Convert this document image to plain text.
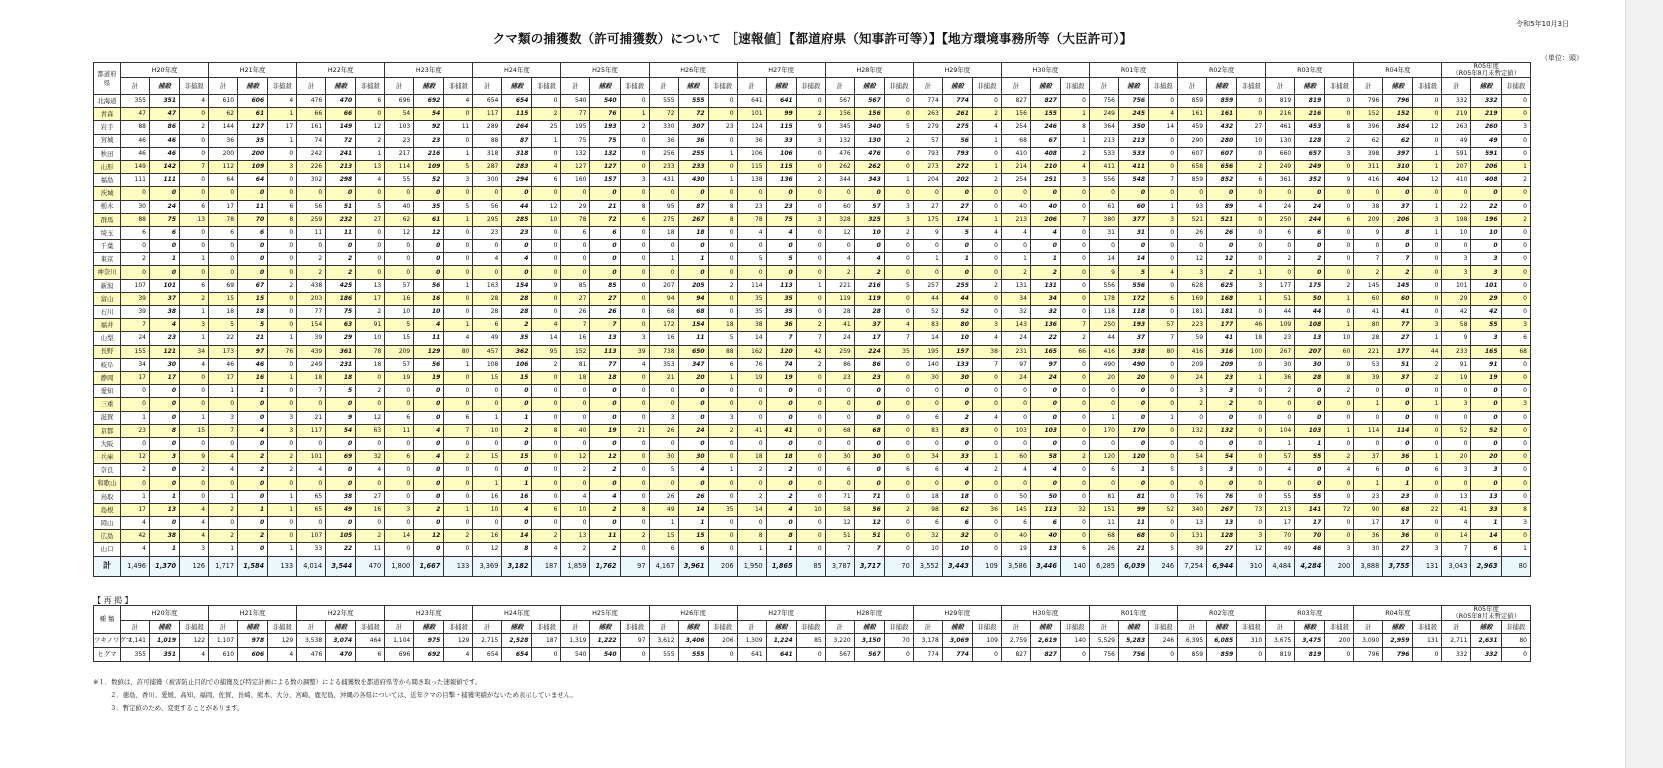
令和5年10月3日
クマ類の捕獲数（許可捕獲数）について ［速報値］【都道府県（知事許可等）】【地方環境事務所等（大臣許可）】
（単位：頭）
都道府県	H20年度			H21年度			H22年度			H23年度			H24年度			H25年度			H26年度			H27年度			H28年度			H29年度			H30年度			R01年度			R02年度			R03年度			R04年度			R05年度
（R05年8月末暫定値）		
	計	捕殺	非捕殺	計	捕殺	非捕殺	計	捕殺	非捕殺	計	捕殺	非捕殺	計	捕殺	非捕殺	計	捕殺	非捕殺	計	捕殺	非捕殺	計	捕殺	非捕殺	計	捕殺	非捕殺	計	捕殺	非捕殺	計	捕殺	非捕殺	計	捕殺	非捕殺	計	捕殺	非捕殺	計	捕殺	非捕殺	計	捕殺	非捕殺	計	捕殺	非捕殺
北海道	355	351	4	610	606	4	476	470	6	696	692	4	654	654	0	540	540	0	555	555	0	641	641	0	567	567	0	774	774	0	827	827	0	756	756	0	859	859	0	819	819	0	796	796	0	332	332	0
青森	47	47	0	62	61	1	66	66	0	54	54	0	117	115	2	77	76	1	72	72	0	101	99	2	156	156	0	263	261	2	156	155	1	249	245	4	161	161	0	216	216	0	152	152	0	219	219	0
岩手	88	86	2	144	127	17	161	149	12	103	92	11	289	264	25	195	193	2	330	307	23	124	115	9	345	340	5	279	275	4	254	246	8	364	350	14	459	432	27	461	453	8	396	384	12	263	260	3
宮城	46	46	0	36	35	1	74	72	2	23	23	0	88	87	1	75	75	0	36	36	0	36	33	3	132	130	2	57	56	1	68	67	1	213	213	0	290	280	10	130	128	2	62	62	0	49	49	0
秋田	46	46	0	200	200	0	242	241	1	217	216	1	318	318	0	132	132	0	256	255	1	106	106	0	476	476	0	793	793	0	410	408	2	533	533	0	607	607	0	660	657	3	398	397	1	591	591	0
山形	149	142	7	112	109	3	226	213	13	114	109	5	287	283	4	127	127	0	233	233	0	115	115	0	262	262	0	273	272	1	214	210	4	411	411	0	658	656	2	249	249	0	311	310	1	207	206	1
福島	111	111	0	64	64	0	302	298	4	55	52	3	300	294	6	160	157	3	431	430	1	138	136	2	344	343	1	204	202	2	254	251	3	556	548	7	859	852	6	361	352	9	416	404	12	410	408	2
茨城	0	0	0	0	0	0	0	0	0	0	0	0	0	0	0	0	0	0	0	0	0	0	0	0	0	0	0	0	0	0	0	0	0	0	0	0	0	0	0	0	0	0	0	0	0	0	0	0
栃木	30	24	6	17	11	6	56	51	5	40	35	5	56	44	12	29	21	8	95	87	8	23	23	0	60	57	3	27	27	0	40	40	0	61	60	1	93	89	4	24	24	0	38	37	1	22	22	0
群馬	88	75	13	78	70	8	259	232	27	62	61	1	295	285	10	78	72	6	275	267	8	78	75	3	328	325	3	175	174	1	213	206	7	380	377	3	521	521	0	250	244	6	209	206	3	198	196	2
埼玉	6	6	0	6	6	0	11	11	0	12	12	0	23	23	0	6	6	0	18	18	0	4	4	0	12	10	2	9	5	4	4	4	0	31	31	0	26	26	0	6	6	0	9	8	1	10	10	0
千葉	0	0	0	0	0	0	0	0	0	0	0	0	0	0	0	0	0	0	0	0	0	0	0	0	0	0	0	0	0	0	0	0	0	0	0	0	0	0	0	0	0	0	0	0	0	0	0	0
東京	2	1	1	0	0	0	2	2	0	0	0	0	4	4	0	0	0	0	1	1	0	5	5	0	4	4	0	1	1	0	1	1	0	14	14	0	12	12	0	2	2	0	7	7	0	3	3	0
神奈川	0	0	0	0	0	0	2	2	0	0	0	0	0	0	0	0	0	0	0	0	0	0	0	0	2	2	0	0	0	0	2	2	0	9	5	4	3	2	1	0	0	0	2	2	0	3	3	0
新潟	107	101	6	69	67	2	438	425	13	57	56	1	163	154	9	85	85	0	207	205	2	114	113	1	221	216	5	257	255	2	131	131	0	556	556	0	628	625	3	177	175	2	145	145	0	101	101	0
富山	39	37	2	15	15	0	203	186	17	16	16	0	28	28	0	27	27	0	94	94	0	35	35	0	119	119	0	44	44	0	34	34	0	178	172	6	169	168	1	51	50	1	60	60	0	29	29	0
石川	39	38	1	18	18	0	77	75	2	10	10	0	28	28	0	26	26	0	68	68	0	35	35	0	28	28	0	52	52	0	32	32	0	118	118	0	181	181	0	44	44	0	41	41	0	42	42	0
福井	7	4	3	5	5	0	154	63	91	5	4	1	6	2	4	7	7	0	172	154	18	38	36	2	41	37	4	83	80	3	143	136	7	250	193	57	223	177	46	109	108	1	80	77	3	58	55	3
山梨	24	23	1	22	21	1	39	29	10	15	11	4	49	35	14	16	13	3	16	11	5	14	7	7	24	17	7	14	10	4	24	22	2	44	37	7	59	41	18	23	13	10	28	27	1	9	3	6
長野	155	121	34	173	97	76	439	361	78	209	129	80	457	362	95	152	113	39	738	650	88	162	120	42	259	224	35	195	157	38	231	165	66	416	338	80	416	316	100	267	207	60	221	177	44	233	165	68
岐阜	34	30	4	46	46	0	249	231	18	57	56	1	108	106	2	81	77	4	353	347	6	76	74	2	86	86	0	140	133	7	97	97	0	490	490	0	209	209	0	30	30	0	53	51	2	91	91	0
静岡	17	17	0	17	16	1	18	18	0	19	19	0	15	15	0	18	18	0	21	20	1	19	19	0	23	23	0	30	30	0	24	24	0	20	20	0	24	23	1	36	28	8	39	37	2	19	19	0
愛知	0	0	0	1	1	0	7	5	2	0	0	0	0	0	0	0	0	0	0	0	0	0	0	0	0	0	0	0	0	0	0	0	0	0	0	0	3	3	0	2	0	2	0	0	0	0	0	0
三重	0	0	0	0	0	0	0	0	0	0	0	0	0	0	0	0	0	0	0	0	0	0	0	0	0	0	0	0	0	0	0	0	0	0	0	0	2	2	0	0	0	0	1	0	1	3	0	3
滋賀	1	0	1	3	0	3	21	9	12	6	0	6	1	1	0	0	0	0	3	0	3	0	0	0	0	0	0	6	2	4	0	0	0	1	0	1	0	0	0	0	0	0	0	0	0	0	0	0
京都	23	8	15	7	4	3	117	54	63	11	4	7	10	2	8	40	19	21	26	24	2	41	41	0	68	68	0	83	83	0	103	103	0	170	170	0	132	132	0	104	103	1	114	114	0	52	52	0
大阪	0	0	0	0	0	0	0	0	0	0	0	0	0	0	0	0	0	0	0	0	0	0	0	0	0	0	0	0	0	0	0	0	0	0	0	0	0	0	0	1	1	0	0	0	0	0	0	0
兵庫	12	3	9	4	2	2	101	69	32	6	4	2	15	15	0	12	12	0	30	30	0	18	18	0	30	30	0	34	33	1	60	58	2	120	120	0	54	54	0	57	55	2	37	36	1	20	20	0
奈良	2	0	2	4	2	2	4	0	4	0	0	0	0	0	0	2	2	0	5	4	1	2	2	0	6	0	6	6	4	2	4	4	0	6	1	5	3	3	0	4	0	4	6	0	6	3	3	0
和歌山	0	0	0	0	0	0	0	0	0	0	0	0	1	1	0	0	0	0	0	0	0	0	0	0	0	0	0	0	0	0	0	0	0	0	0	0	0	0	0	0	0	0	1	1	0	0	0	0
鳥取	1	1	0	1	0	1	65	38	27	0	0	0	16	16	0	4	4	0	26	26	0	2	2	0	71	71	0	18	18	0	50	50	0	81	81	0	76	76	0	55	55	0	23	23	0	13	13	0
島根	17	13	4	2	1	1	65	49	16	3	2	1	10	4	6	10	2	8	49	14	35	14	4	10	58	56	2	98	62	36	145	113	32	151	99	52	340	267	73	213	141	72	90	68	22	41	33	8
岡山	4	0	4	0	0	0	0	0	0	0	0	0	0	0	0	0	0	0	1	1	0	0	0	0	12	12	0	6	6	0	6	6	0	11	11	0	13	13	0	17	17	0	17	17	0	4	1	3
広島	42	38	4	2	2	0	107	105	2	14	12	2	16	14	2	13	11	2	15	15	0	8	8	0	51	51	0	32	32	0	40	40	0	68	68	0	131	128	3	70	70	0	36	36	0	14	14	0
山口	4	1	3	1	0	1	33	22	11	0	0	0	12	8	4	2	2	0	6	6	0	1	1	0	7	7	0	10	10	0	19	13	6	26	21	5	39	27	12	49	46	3	30	27	3	7	6	1
計	1,496	1,370	126	1,717	1,584	133	4,014	3,544	470	1,800	1,667	133	3,369	3,182	187	1,859	1,762	97	4,167	3,961	206	1,950	1,865	85	3,787	3,717	70	3,552	3,443	109	3,586	3,446	140	6,285	6,039	246	7,254	6,944	310	4,484	4,284	200	3,888	3,755	131	3,043	2,963	80
【 再 掲 】
種 類	H20年度			H21年度			H22年度			H23年度			H24年度			H25年度			H26年度			H27年度			H28年度			H29年度			H30年度			R01年度			R02年度			R03年度			R04年度			R05年度
（R05年8月末暫定値）		
	計	捕殺	非捕殺	計	捕殺	非捕殺	計	捕殺	非捕殺	計	捕殺	非捕殺	計	捕殺	非捕殺	計	捕殺	非捕殺	計	捕殺	非捕殺	計	捕殺	非捕殺	計	捕殺	非捕殺	計	捕殺	非捕殺	計	捕殺	非捕殺	計	捕殺	非捕殺	計	捕殺	非捕殺	計	捕殺	非捕殺	計	捕殺	非捕殺	計	捕殺	非捕殺
ツキノワグマ	1,141	1,019	122	1,107	978	129	3,538	3,074	464	1,104	975	129	2,715	2,528	187	1,319	1,222	97	3,612	3,406	206	1,309	1,224	85	3,220	3,150	70	3,178	3,069	109	2,759	2,619	140	5,529	5,283	246	6,395	6,085	310	3,675	3,475	200	3,090	2,959	131	2,711	2,631	80
ヒグマ	355	351	4	610	606	4	476	470	6	696	692	4	654	654	0	540	540	0	555	555	0	641	641	0	567	567	0	774	774	0	827	827	0	756	756	0	859	859	0	819	819	0	796	796	0	332	332	0
※１．数値は、許可捕獲（被害防止目的での捕獲及び特定計画による数の調整）による捕獲数を都道府県等から聞き取った速報値です。
２．徳島、香川、愛媛、高知、福岡、佐賀、長崎、熊本、大分、宮崎、鹿児島、沖縄の各県については、近年クマの目撃・捕獲実績がないため表示していません。
３．暫定値のため、変更することがあります。
